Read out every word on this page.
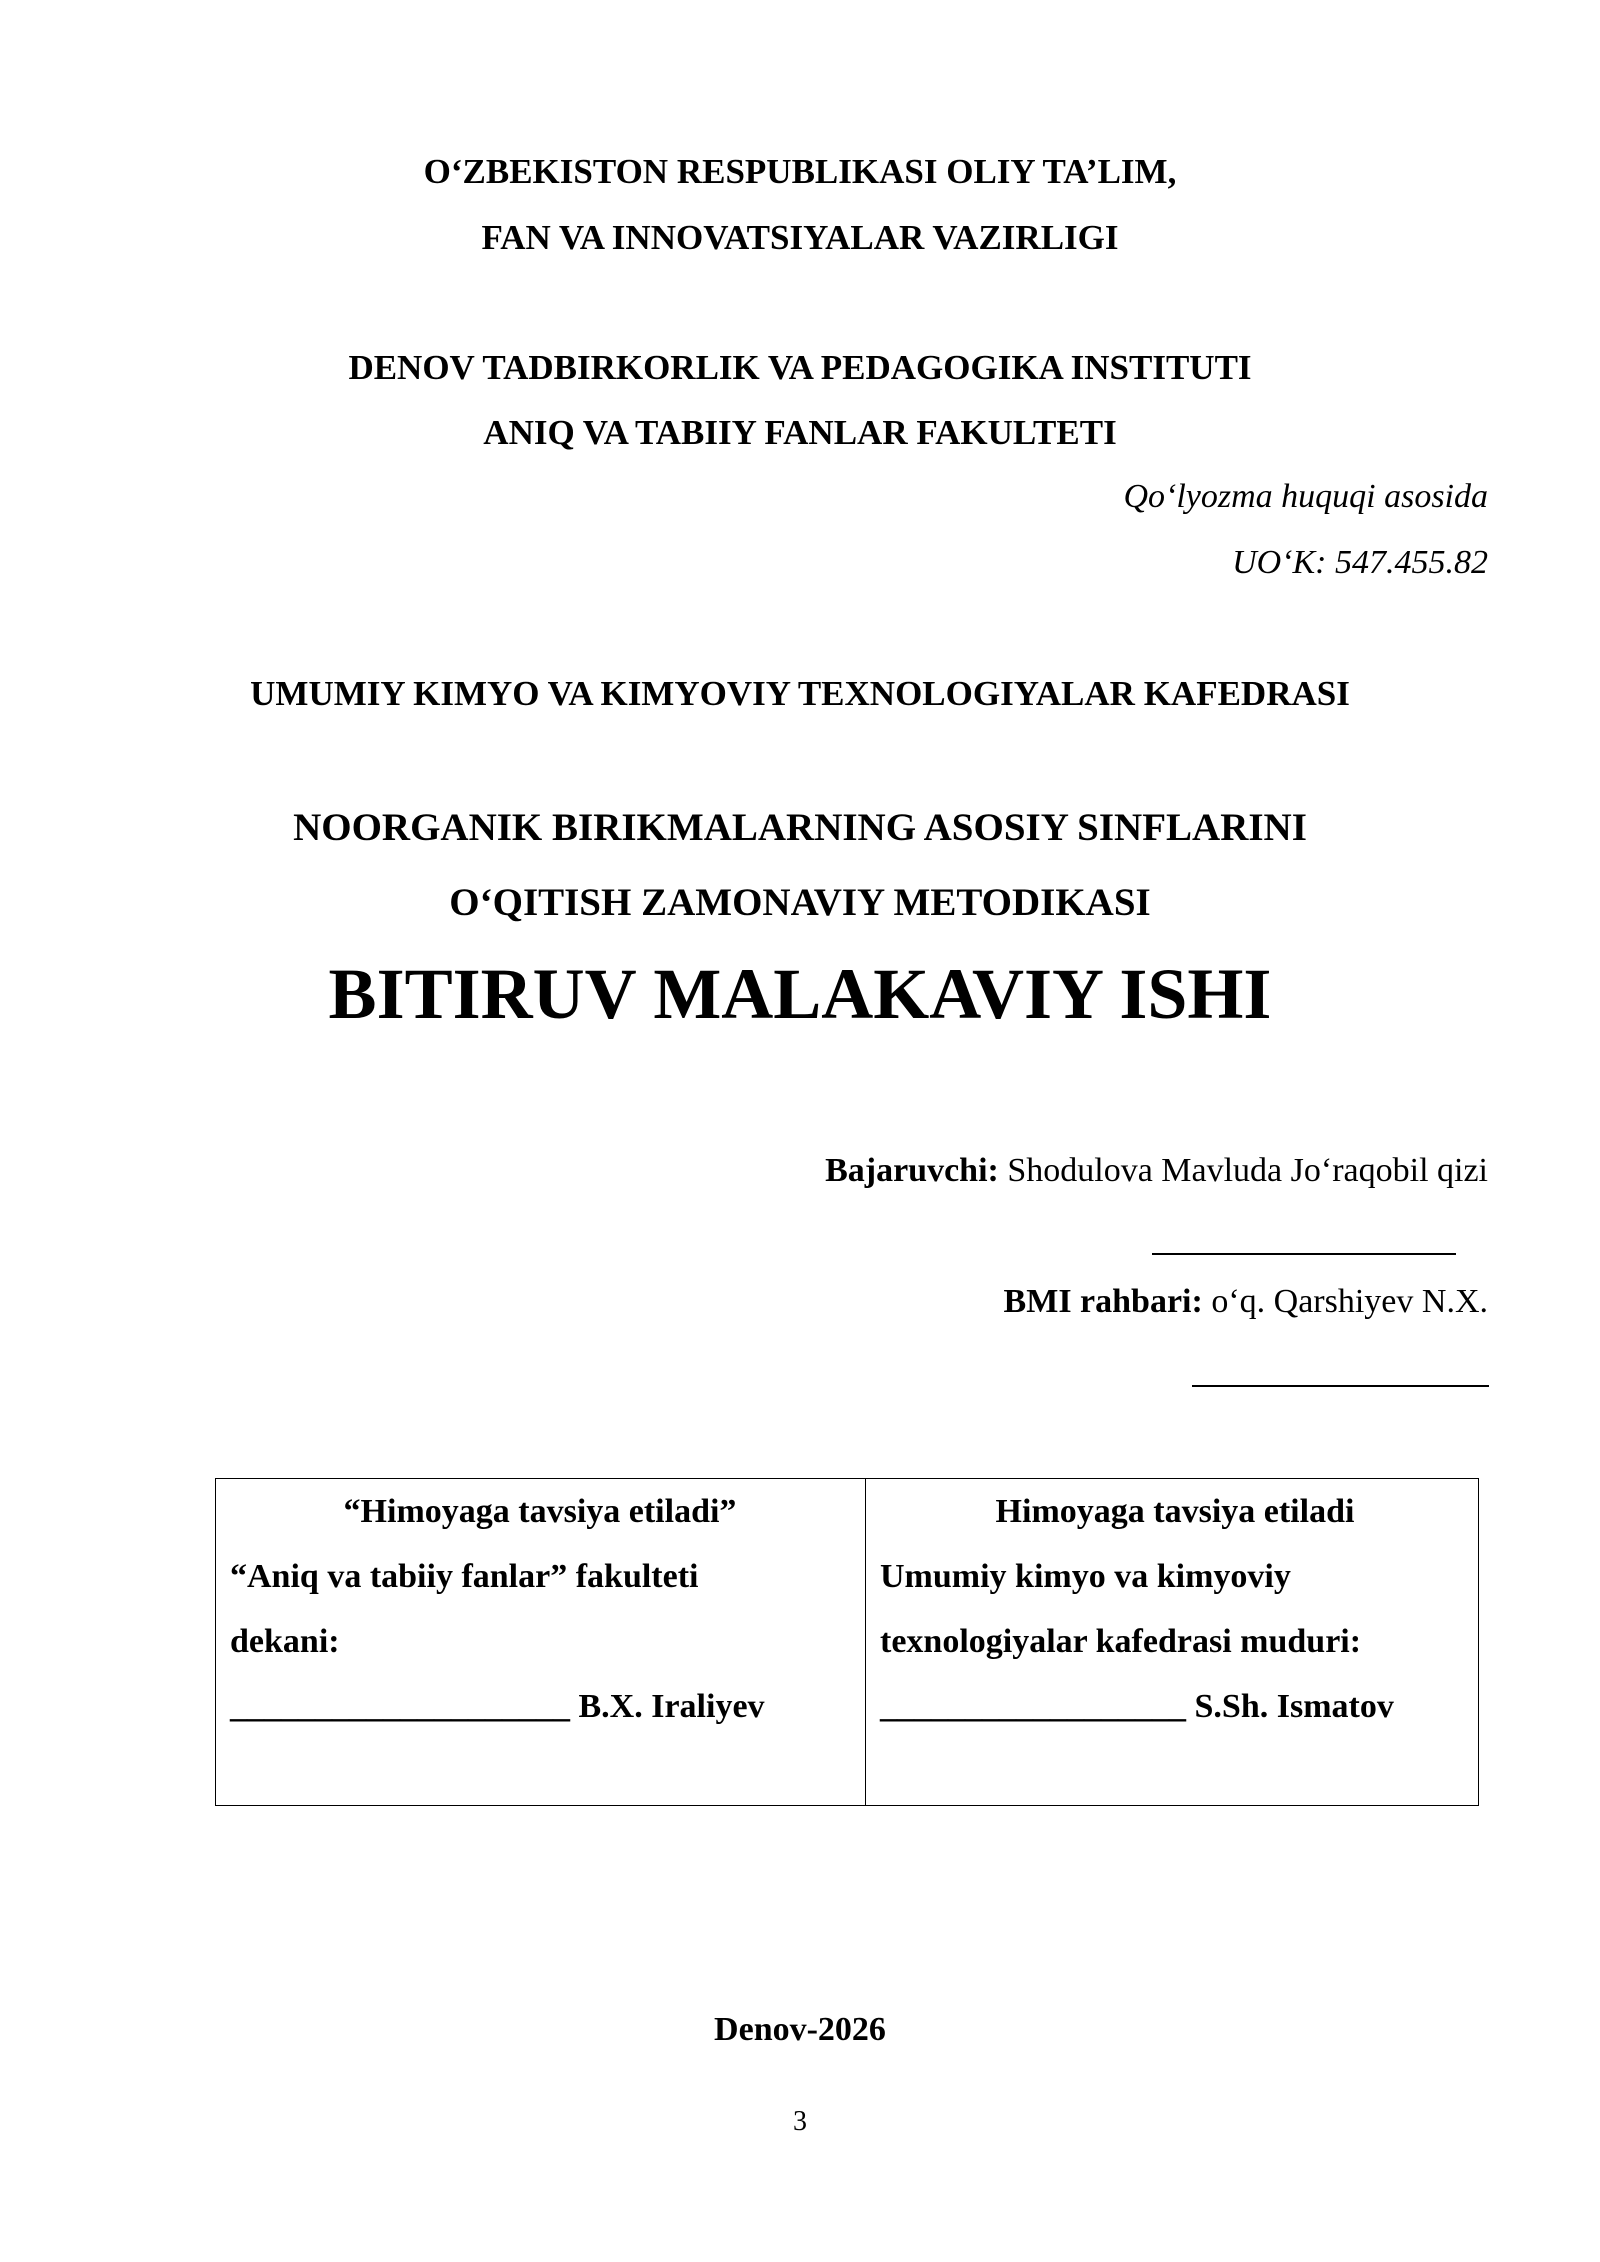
O‘ZBEKISTON RESPUBLIKASI OLIY TA’LIM,
FAN VA INNOVATSIYALAR VAZIRLIGI
DENOV TADBIRKORLIK VA PEDAGOGIKA INSTITUTI
ANIQ VA TABIIY FANLAR FAKULTETI
Qo‘lyozma huquqi asosida
UO‘K: 547.455.82
UMUMIY KIMYO VA KIMYOVIY TEXNOLOGIYALAR KAFEDRASI
NOORGANIK BIRIKMALARNING ASOSIY SINFLARINI
O‘QITISH ZAMONAVIY METODIKASI
BITIRUV MALAKAVIY ISHI
Bajaruvchi: Shodulova Mavluda Jo‘raqobil qizi
BMI rahbari: o‘q. Qarshiyev N.X.
“Himoyaga tavsiya etiladi”
“Aniq va tabiiy fanlar” fakulteti
dekani:
____________________ B.X. Iraliyev
Himoyaga tavsiya etiladi
Umumiy kimyo va kimyoviy
texnologiyalar kafedrasi muduri:
__________________ S.Sh. Ismatov
Denov-2026
3
